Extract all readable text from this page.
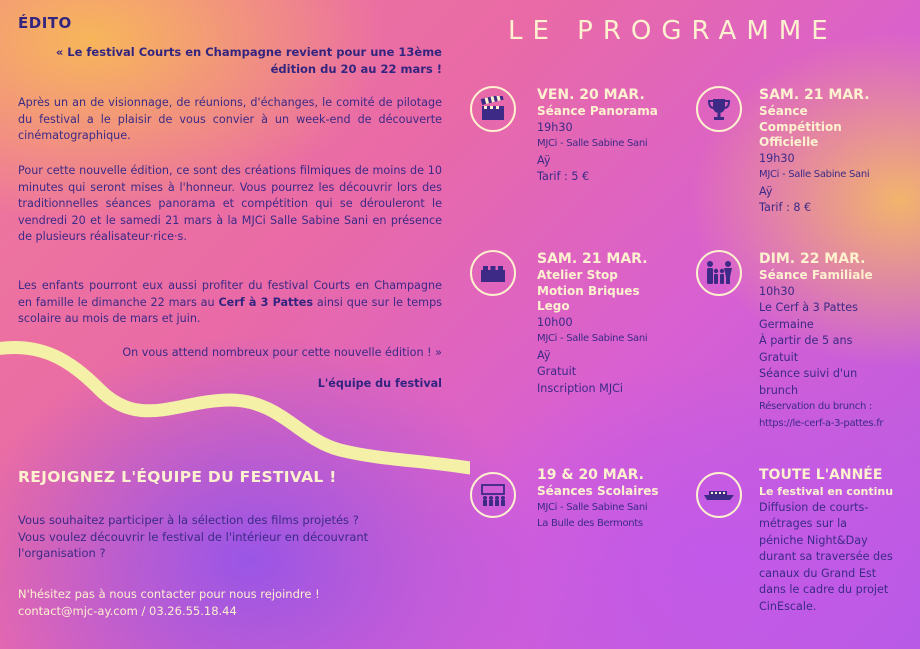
ÉDITO
« Le festival Courts en Champagne revient pour une 13ème édition du 20 au 22 mars !
Après un an de visionnage, de réunions, d'échanges, le comité de pilotage du festival a le plaisir de vous convier à un week-end de découverte cinématographique.
Pour cette nouvelle édition, ce sont des créations filmiques de moins de 10 minutes qui seront mises à l'honneur. Vous pourrez les découvrir lors des traditionnelles séances panorama et compétition qui se dérouleront le vendredi 20 et le samedi 21 mars à la MJCi Salle Sabine Sani en présence de plusieurs réalisateur·rice·s.
Les enfants pourront eux aussi profiter du festival Courts en Champagne en famille le dimanche 22 mars au Cerf à 3 Pattes ainsi que sur le temps scolaire au mois de mars et juin.
On vous attend nombreux pour cette nouvelle édition ! »
L'équipe du festival
REJOIGNEZ L'ÉQUIPE DU FESTIVAL !
Vous souhaitez participer à la sélection des films projetés ?
Vous voulez découvrir le festival de l'intérieur en découvrant l'organisation ?
N'hésitez pas à nous contacter pour nous rejoindre !
contact@mjc-ay.com / 03.26.55.18.44
LE PROGRAMME
VEN. 20 MAR.
Séance Panorama
19h30
MJCi - Salle Sabine Sani
Aÿ
Tarif : 5 €
SAM. 21 MAR.
Séance Compétition Officielle
19h30
MJCi - Salle Sabine Sani
Aÿ
Tarif : 8 €
SAM. 21 MAR.
Atelier Stop Motion Briques Lego
10h00
MJCi - Salle Sabine Sani
Aÿ
Gratuit
Inscription MJCi
DIM. 22 MAR.
Séance Familiale
10h30
Le Cerf à 3 Pattes
Germaine
À partir de 5 ans
Gratuit
Séance suivi d'un brunch
Réservation du brunch :
https://le-cerf-a-3-pattes.fr
19 & 20 MAR.
Séances Scolaires
MJCi - Salle Sabine Sani
La Bulle des Bermonts
TOUTE L'ANNÉE
Le festival en continu
Diffusion de courts-métrages sur la péniche Night&Day durant sa traversée des canaux du Grand Est dans le cadre du projet CinEscale.
